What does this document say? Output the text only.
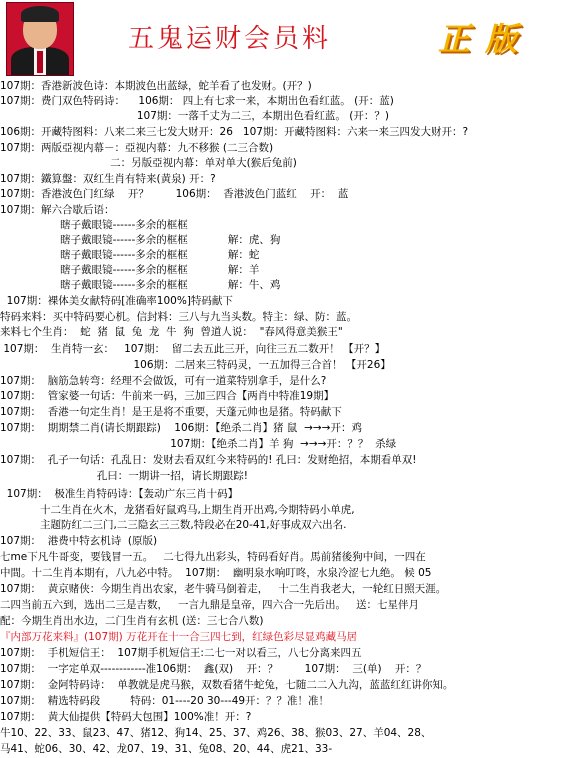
五鬼运财会员料	正 版
107期：香港新波色诗：本期波色出蓝绿，蛇羊看了也发财。(开？)
107期：费门双色特码诗：    106期： 四上有七求一来，本期出色看红蓝。 (开：蓝)
107期：一落千丈为二三，本期出色看红蓝。 (开：？)
106期：开藏特图料：八来二来三七发大财开：26   107期：开藏特图料：六来一来三四发大财开：?
107期：两版亞视内幕－：亞视内幕：九不移猴 (二三合数)
二：另版亞视内幕：单对单大(猴后兔前)
107期：鐵算盤：双红生肖有特来(黄泉) 开：?
107期：香港波色门红绿    开？        106期：  香港波色门蓝红    开：  蓝
107期：解六合歇后语：
瞎子戴眼镜------多余的框框
瞎子戴眼镜------多余的框框            解：虎、狗
瞎子戴眼镜------多余的框框            解：蛇
瞎子戴眼镜------多余的框框            解：羊
瞎子戴眼镜------多余的框框            解：牛、鸡
107期：裸体美女献特码[准确率100%]特码献下
特码来料：买中特码要心机。信封料：三八与九当头数。特主：绿、防：蓝。
来料七个生肖：  蛇  猪  鼠  兔  龙  牛  狗  曾道人说：  "春风得意美猴王"
107期：  生肖特一玄：   107期：  留二去五此三开，向往三五二数开！ 【开？】
106期：二居来三特码灵，一五加得三合首！ 【开26】
107期：  脑筋急转弯：经理不会做饭，可有一道菜特别拿手，是什么?
107期：  管家婆一句话：牛前来一码，三加三四合【两肖中特准19期】
107期：  香港一句定生肖！是王是将不重要，天蓬元帅也是猪。特码献下
107期：  期期禁二肖(请长期跟踪)    106期：【绝杀二肖】猪 鼠  →→→开：鸡
107期：【绝杀二肖】羊 狗  →→→开：？？  杀绿
107期：  孔子一句话：孔乱日：发财去看双红今来特码的! 孔曰：发财绝招，本期看单双!
孔曰：一期讲一招，请长期跟踪!
107期：  极准生肖特码诗：【轰动广东三肖十码】
十二生肖在火木，龙猪看好鼠鸡马,上期生肖开出鸡,今期特码小单虎,
主题防红二三门,二三隐玄三三数,特段必在20-41,好事成双六出名.
107期：  港费中特玄机诗  (原版)
七me下凡牛哥变，要钱冒一五。   二七得九出彩头，特码看好肖。馬前猪後狗中间，一四在
中間。十二生肖本期有，八九必中特。  107期：  幽明泉水响叮咚，水泉冷涩七九绝。 候 05
107期：  黄京赌侠：今期生肖出农家，老牛骑马倒着走，   十二生肖我老大，一轮红日照天涯。
二四当前五六到，选出二三是吉数，   一言九鼎是皇帝，四六合一先后出。   送：七星伴月
配：今期生肖出水边，二门生肖有玄机 (送：三七合八数)
『内部万花来料』(107期) 万花开在十一合三四七到，红绿色彩尽显鸡藏马居
107期：  手机短信王：  107期手机短信王:二七一对以看三，八七分离来四五
107期：  一字定单双------------准106期：  鑫(双)    开：？        107期：  三(单)    开：？
107期：  金阿特码诗：  单教就是虎马猴，双数看猪牛蛇兔，七随二二入九沟，蓝蓝红红讲你知。
107期：  精选特码段         特码：01----20 30---49开：？？准！准！
107期：  黄大仙提供【特码大包围】100%准！开：?
牛10、22、33、鼠23、47、猪12、狗14、25、37、鸡26、38、猴03、27、羊04、28、
马41、蛇06、30、42、龙07、19、31、兔08、20、44、虎21、33-
